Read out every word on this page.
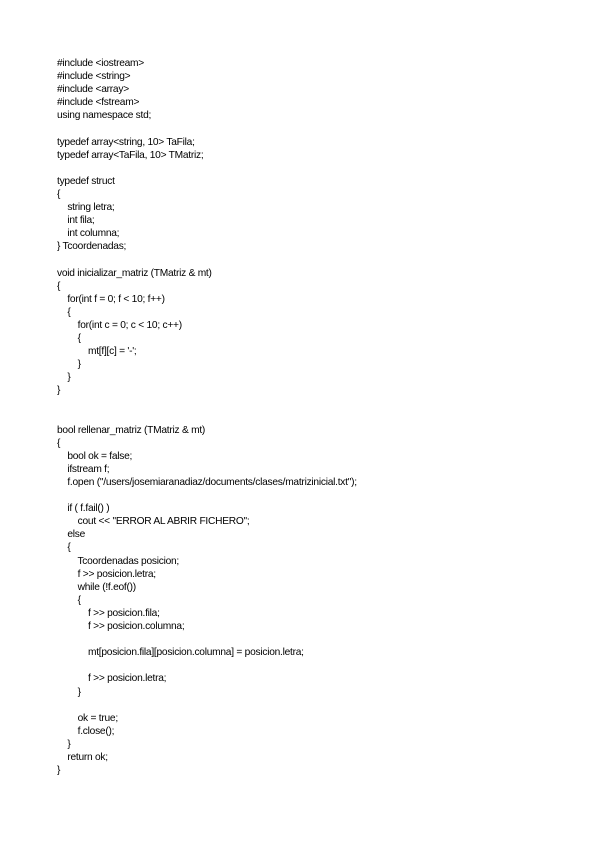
#include <iostream>
#include <string>
#include <array>
#include <fstream>
using namespace std;
typedef array<string, 10> TaFila;
typedef array<TaFila, 10> TMatriz;
typedef struct
{
string letra;
int fila;
int columna;
} Tcoordenadas;
void inicializar_matriz (TMatriz & mt)
{
for(int f = 0; f < 10; f++)
{
for(int c = 0; c < 10; c++)
{
mt[f][c] = '-';
}
}
}
bool rellenar_matriz (TMatriz & mt)
{
bool ok = false;
ifstream f;
f.open ("/users/josemiaranadiaz/documents/clases/matrizinicial.txt");
if ( f.fail() )
cout << "ERROR AL ABRIR FICHERO";
else
{
Tcoordenadas posicion;
f >> posicion.letra;
while (!f.eof())
{
f >> posicion.fila;
f >> posicion.columna;
mt[posicion.fila][posicion.columna] = posicion.letra;
f >> posicion.letra;
}
ok = true;
f.close();
}
return ok;
}
